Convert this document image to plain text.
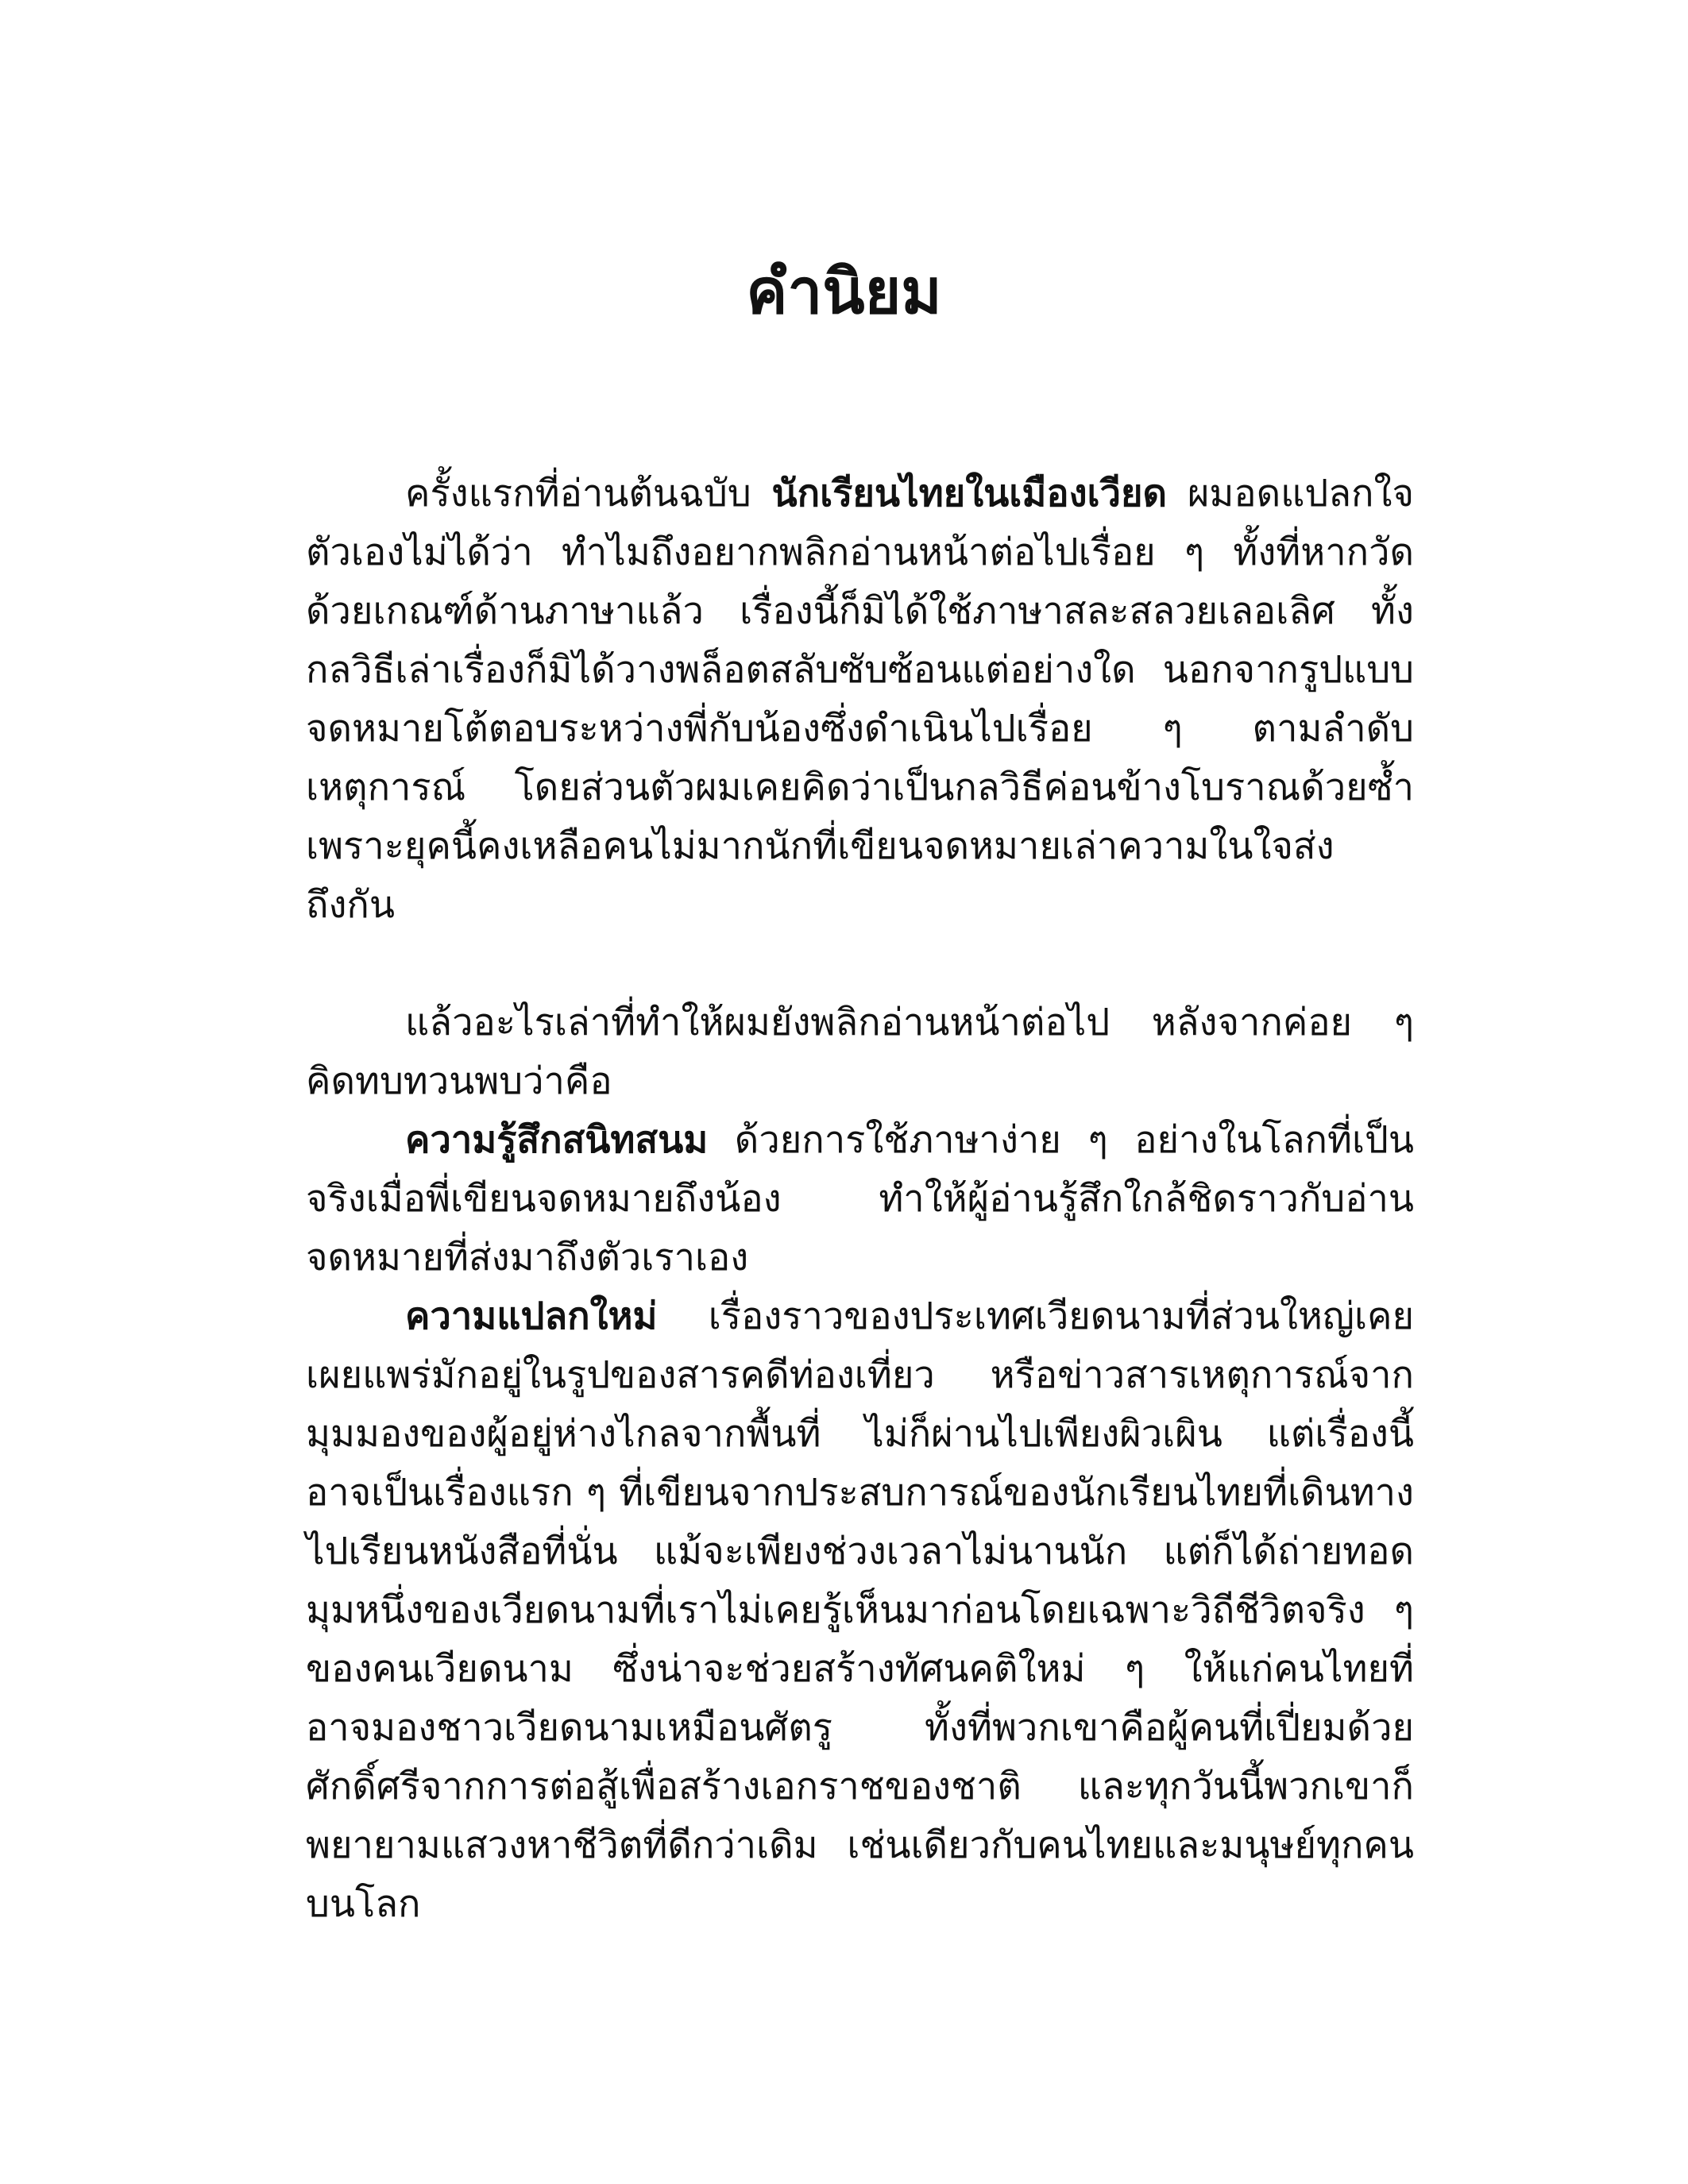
คำนิยม

ครั้งแรกที่อ่านต้นฉบับ นักเรียนไทยในเมืองเวียด ผมอดแปลกใจตัวเองไม่ได้ว่า ทำไมถึงอยากพลิกอ่านหน้าต่อไปเรื่อย ๆ ทั้งที่หากวัดด้วยเกณฑ์ด้านภาษาแล้ว เรื่องนี้ก็มิได้ใช้ภาษาสละสลวยเลอเลิศ ทั้งกลวิธีเล่าเรื่องก็มิได้วางพล็อตสลับซับซ้อนแต่อย่างใด นอกจากรูปแบบจดหมายโต้ตอบระหว่างพี่กับน้องซึ่งดำเนินไปเรื่อย ๆ ตามลำดับเหตุการณ์ โดยส่วนตัวผมเคยคิดว่าเป็นกลวิธีค่อนข้างโบราณด้วยซ้ำ เพราะยุคนี้คงเหลือคนไม่มากนักที่เขียนจดหมายเล่าความในใจส่งถึงกัน

แล้วอะไรเล่าที่ทำให้ผมยังพลิกอ่านหน้าต่อไป หลังจากค่อย ๆ คิดทบทวนพบว่าคือ

ความรู้สึกสนิทสนม ด้วยการใช้ภาษาง่าย ๆ อย่างในโลกที่เป็นจริงเมื่อพี่เขียนจดหมายถึงน้อง ทำให้ผู้อ่านรู้สึกใกล้ชิดราวกับอ่านจดหมายที่ส่งมาถึงตัวเราเอง

ความแปลกใหม่ เรื่องราวของประเทศเวียดนามที่ส่วนใหญ่เคยเผยแพร่มักอยู่ในรูปของสารคดีท่องเที่ยว หรือข่าวสารเหตุการณ์จากมุมมองของผู้อยู่ห่างไกลจากพื้นที่ ไม่ก็ผ่านไปเพียงผิวเผิน แต่เรื่องนี้อาจเป็นเรื่องแรก ๆ ที่เขียนจากประสบการณ์ของนักเรียนไทยที่เดินทางไปเรียนหนังสือที่นั่น แม้จะเพียงช่วงเวลาไม่นานนัก แต่ก็ได้ถ่ายทอดมุมหนึ่งของเวียดนามที่เราไม่เคยรู้เห็นมาก่อนโดยเฉพาะวิถีชีวิตจริง ๆ ของคนเวียดนาม ซึ่งน่าจะช่วยสร้างทัศนคติใหม่ ๆ ให้แก่คนไทยที่อาจมองชาวเวียดนามเหมือนศัตรู ทั้งที่พวกเขาคือผู้คนที่เปี่ยมด้วยศักดิ์ศรีจากการต่อสู้เพื่อสร้างเอกราชของชาติ และทุกวันนี้พวกเขาก็พยายามแสวงหาชีวิตที่ดีกว่าเดิม เช่นเดียวกับคนไทยและมนุษย์ทุกคนบนโลก
